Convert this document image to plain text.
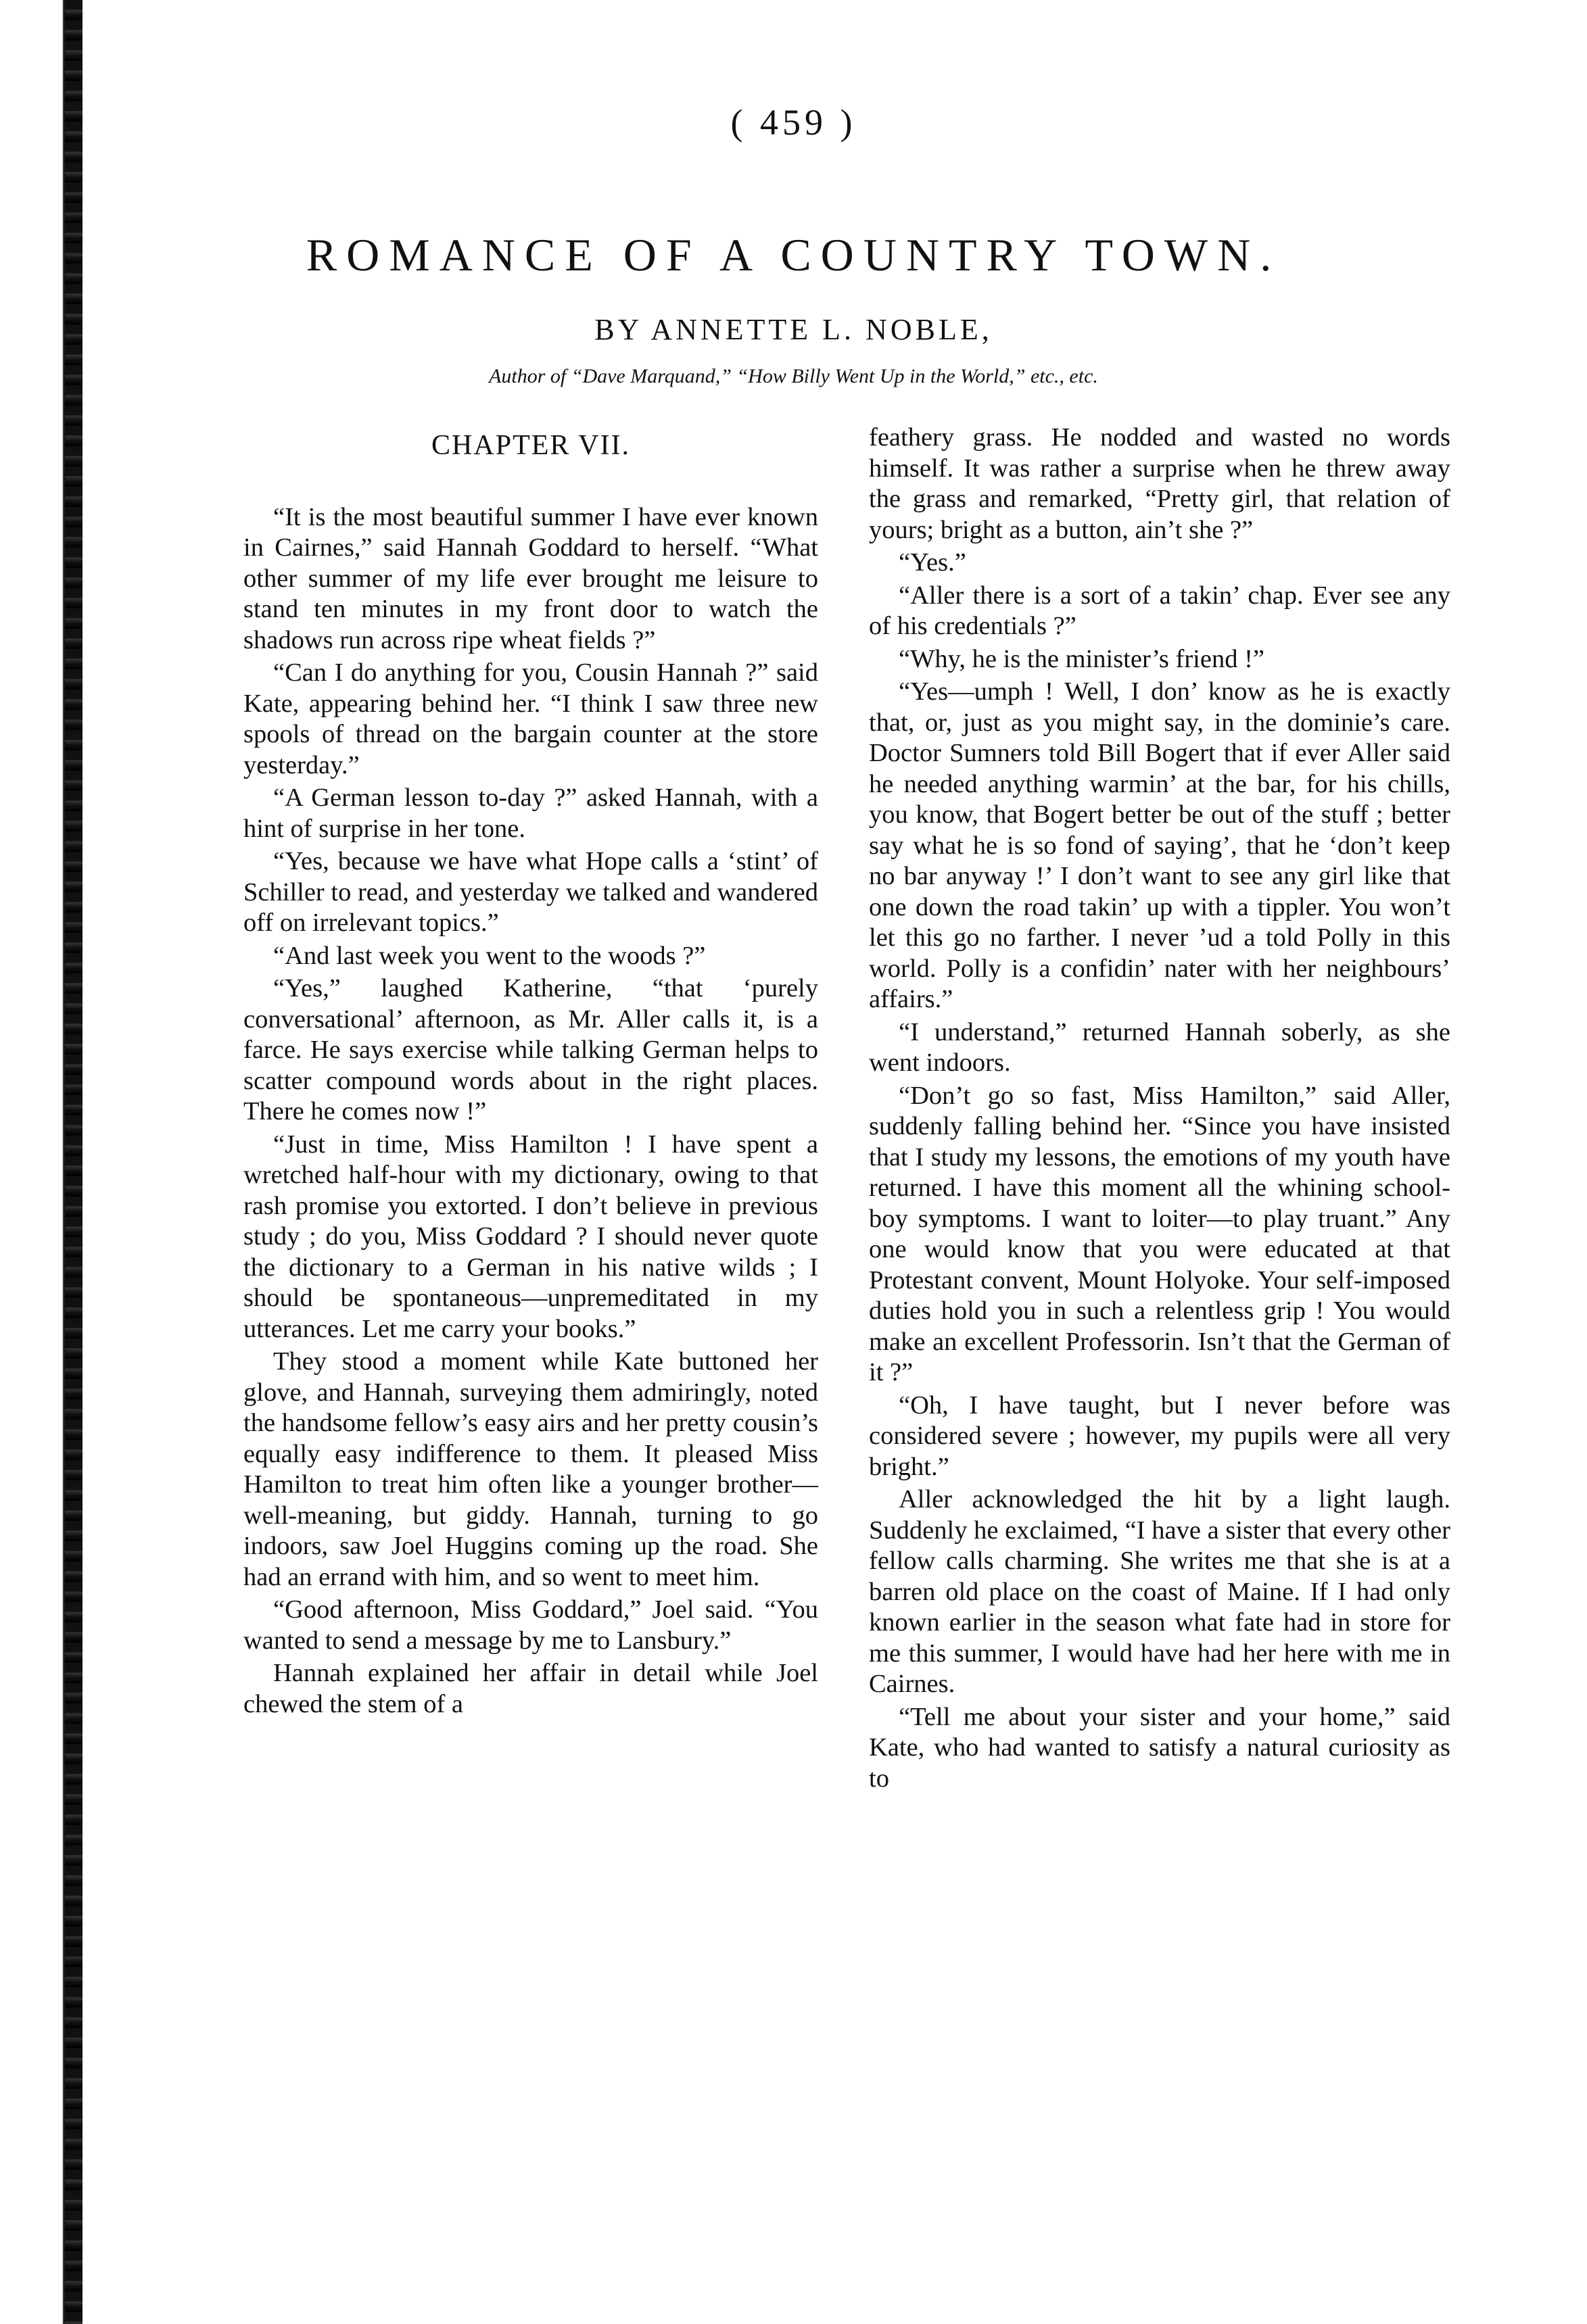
( 459 )
ROMANCE OF A COUNTRY TOWN.
BY ANNETTE L. NOBLE,
Author of “Dave Marquand,” “How Billy Went Up in the World,” etc., etc.
CHAPTER VII.

“It is the most beautiful summer I have ever known in Cairnes,” said Hannah Goddard to herself. “What other summer of my life ever brought me leisure to stand ten minutes in my front door to watch the shadows run across ripe wheat fields ?”

“Can I do anything for you, Cousin Hannah ?” said Kate, appearing behind her. “I think I saw three new spools of thread on the bargain counter at the store yesterday.”

“A German lesson to-day ?” asked Hannah, with a hint of surprise in her tone.

“Yes, because we have what Hope calls a ‘stint’ of Schiller to read, and yesterday we talked and wandered off on irrelevant topics.”

“And last week you went to the woods ?”

“Yes,” laughed Katherine, “that ‘purely conversational’ afternoon, as Mr. Aller calls it, is a farce. He says exercise while talking German helps to scatter compound words about in the right places. There he comes now !”

“Just in time, Miss Hamilton ! I have spent a wretched half-hour with my dictionary, owing to that rash promise you extorted. I don’t believe in previous study ; do you, Miss Goddard ? I should never quote the dictionary to a German in his native wilds ; I should be spontaneous—unpremeditated in my utterances. Let me carry your books.”

They stood a moment while Kate buttoned her glove, and Hannah, surveying them admiringly, noted the handsome fellow’s easy airs and her pretty cousin’s equally easy indifference to them. It pleased Miss Hamilton to treat him often like a younger brother—well-meaning, but giddy. Hannah, turning to go indoors, saw Joel Huggins coming up the road. She had an errand with him, and so went to meet him.

“Good afternoon, Miss Goddard,” Joel said. “You wanted to send a message by me to Lansbury.”

Hannah explained her affair in detail while Joel chewed the stem of a

feathery grass. He nodded and wasted no words himself. It was rather a surprise when he threw away the grass and remarked, “Pretty girl, that relation of yours; bright as a button, ain’t she ?”

“Yes.”

“Aller there is a sort of a takin’ chap. Ever see any of his credentials ?”

“Why, he is the minister’s friend !”

“Yes—umph ! Well, I don’ know as he is exactly that, or, just as you might say, in the dominie’s care. Doctor Sumners told Bill Bogert that if ever Aller said he needed anything warmin’ at the bar, for his chills, you know, that Bogert better be out of the stuff ; better say what he is so fond of saying’, that he ‘don’t keep no bar anyway !’ I don’t want to see any girl like that one down the road takin’ up with a tippler. You won’t let this go no farther. I never ’ud a told Polly in this world. Polly is a confidin’ nater with her neighbours’ affairs.”

“I understand,” returned Hannah soberly, as she went indoors.

“Don’t go so fast, Miss Hamilton,” said Aller, suddenly falling behind her. “Since you have insisted that I study my lessons, the emotions of my youth have returned. I have this moment all the whining school-boy symptoms. I want to loiter—to play truant.” Any one would know that you were educated at that Protestant convent, Mount Holyoke. Your self-imposed duties hold you in such a relentless grip ! You would make an excellent Professorin. Isn’t that the German of it ?”

“Oh, I have taught, but I never before was considered severe ; however, my pupils were all very bright.”

Aller acknowledged the hit by a light laugh. Suddenly he exclaimed, “I have a sister that every other fellow calls charming. She writes me that she is at a barren old place on the coast of Maine. If I had only known earlier in the season what fate had in store for me this summer, I would have had her here with me in Cairnes.

“Tell me about your sister and your home,” said Kate, who had wanted to satisfy a natural curiosity as to
